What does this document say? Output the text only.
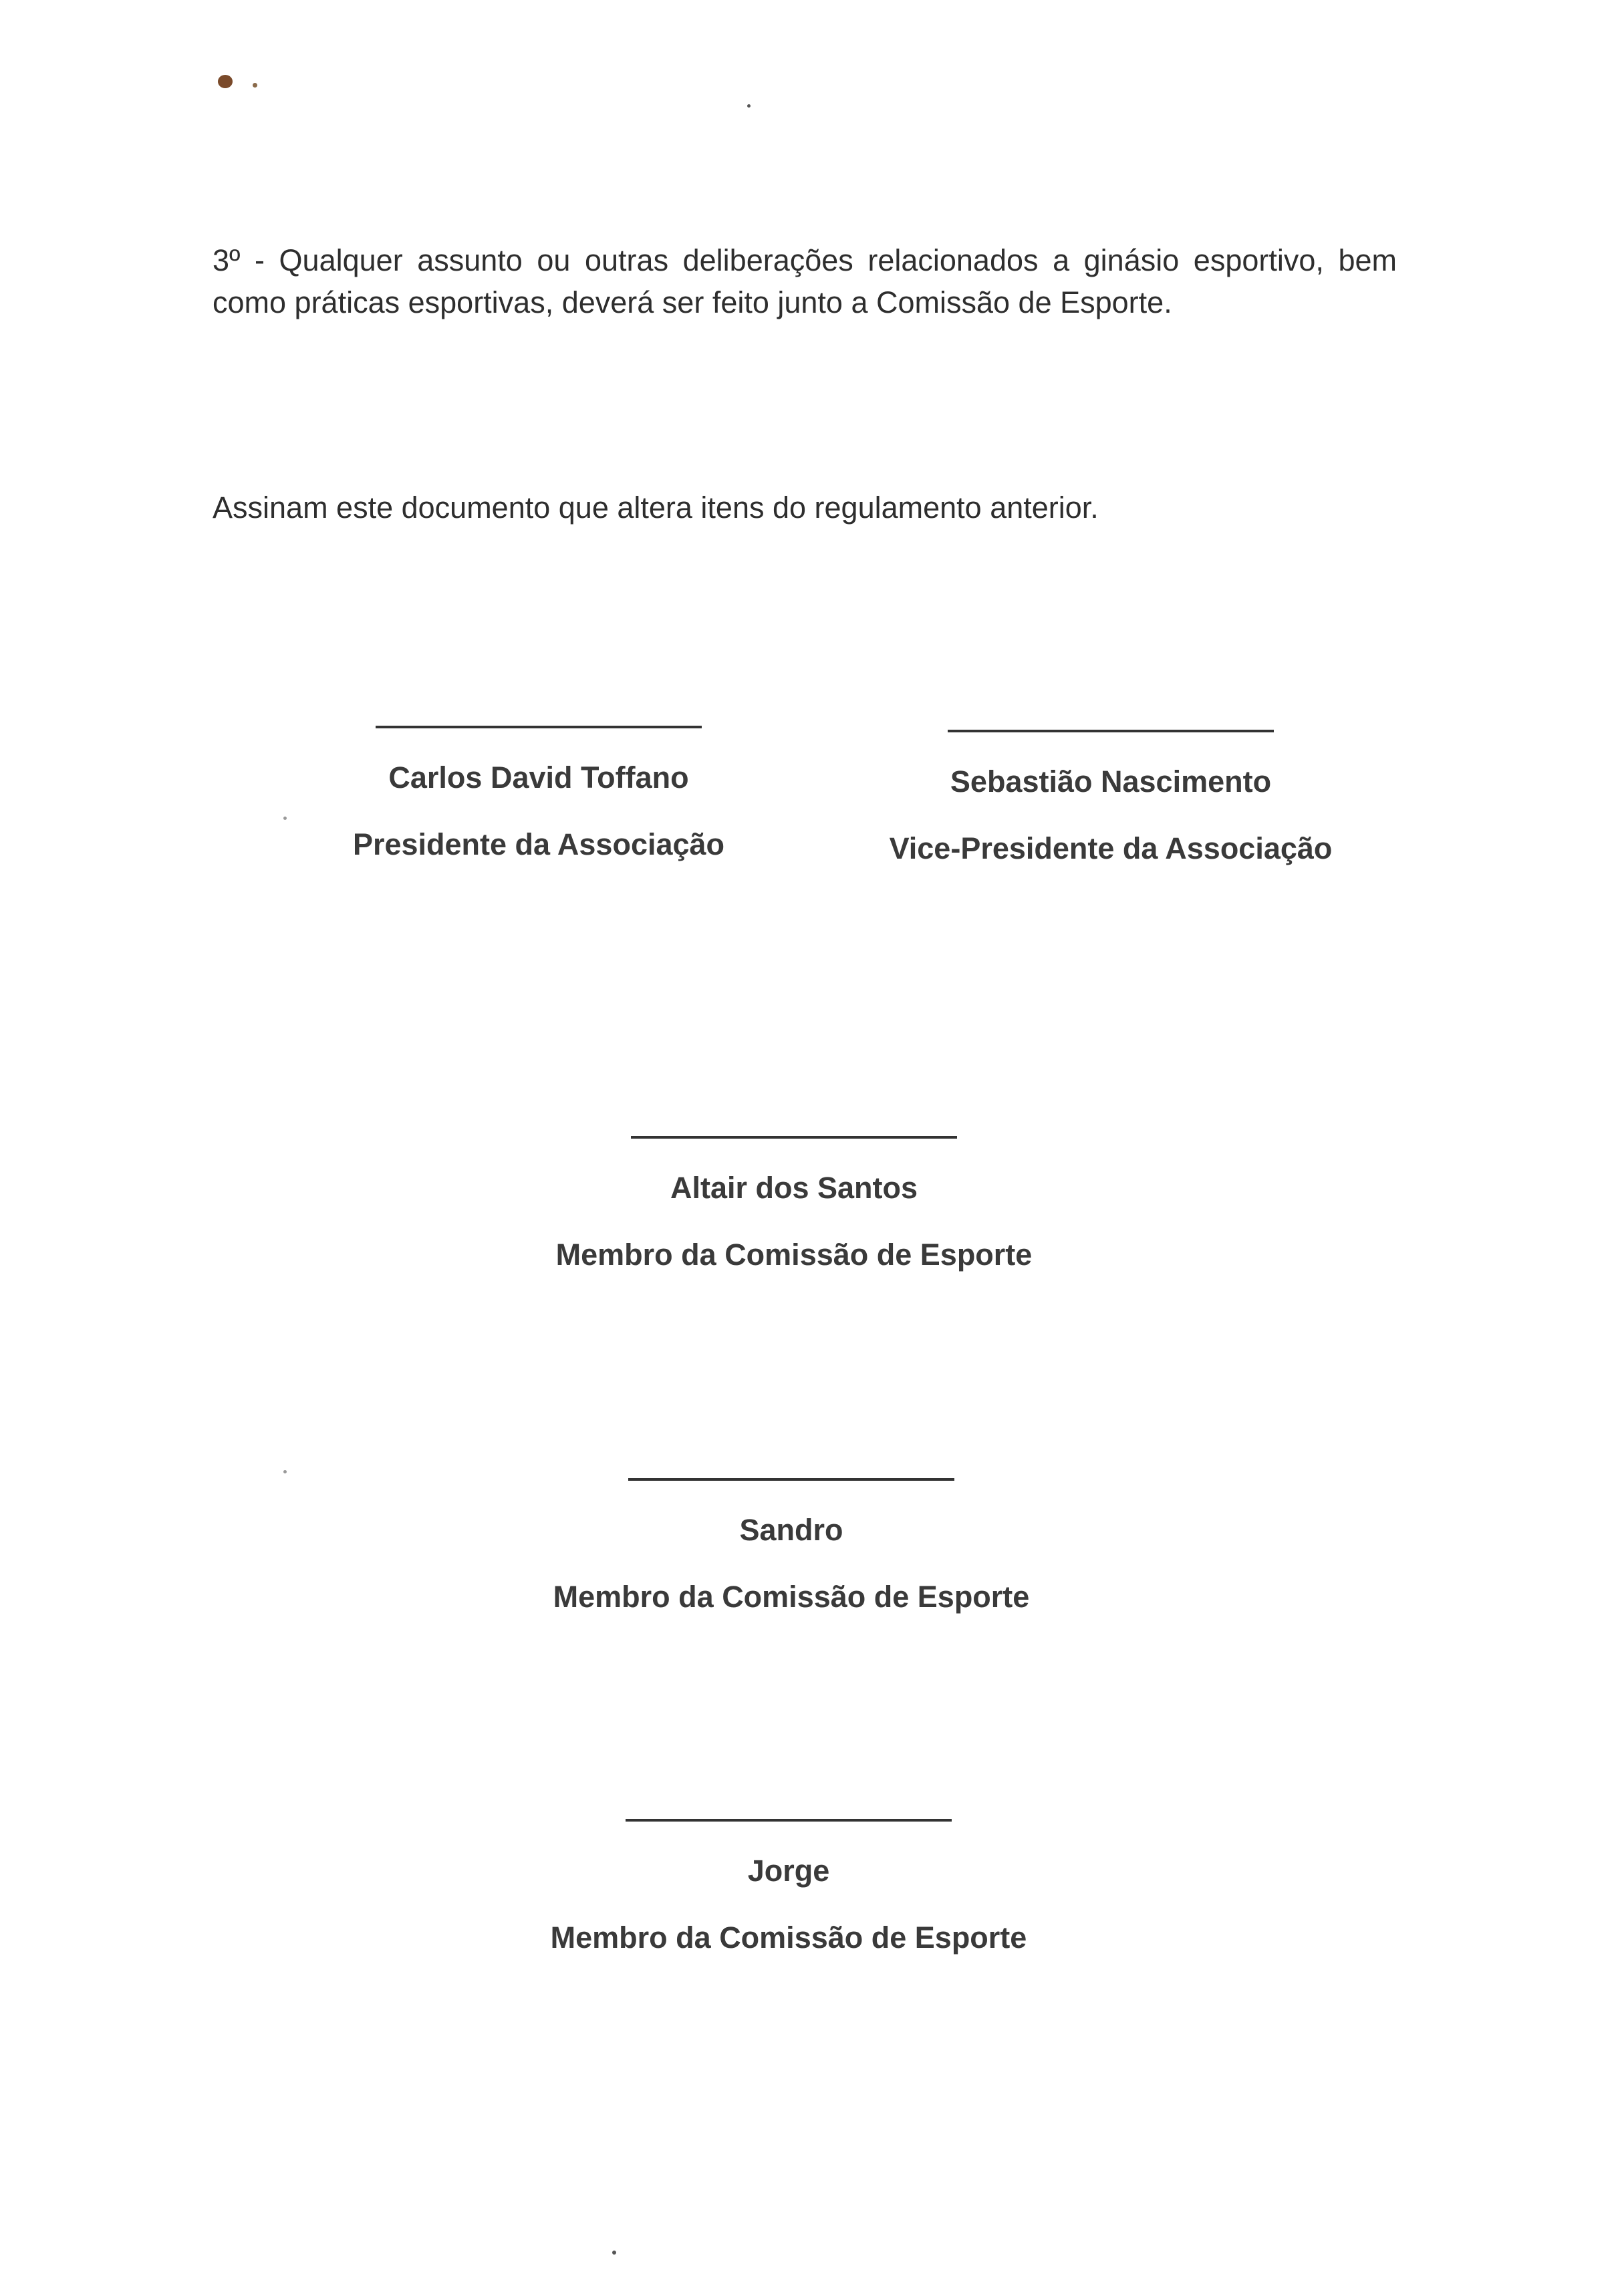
3º - Qualquer assunto ou outras deliberações relacionados a ginásio esportivo, bem como práticas esportivas, deverá ser feito junto a Comissão de Esporte.
Assinam este documento que altera itens do regulamento anterior.
Carlos David Toffano
Presidente da Associação
Sebastião Nascimento
Vice-Presidente da Associação
Altair dos Santos
Membro da Comissão de Esporte
Sandro
Membro da Comissão de Esporte
Jorge
Membro da Comissão de Esporte
